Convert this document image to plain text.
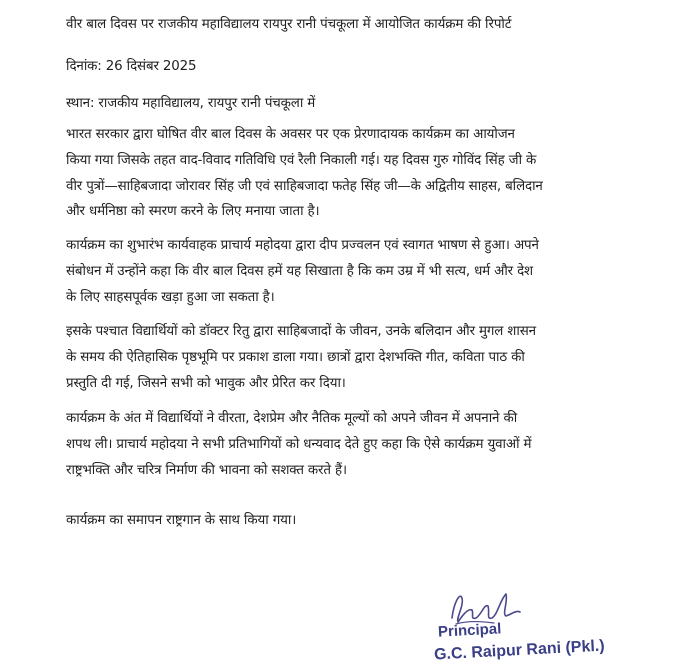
वीर बाल दिवस पर राजकीय महाविद्यालय रायपुर रानी पंचकूला में आयोजित कार्यक्रम की रिपोर्ट
दिनांक: 26 दिसंबर 2025
स्थान: राजकीय महाविद्यालय, रायपुर रानी पंचकूला में
भारत सरकार द्वारा घोषित वीर बाल दिवस के अवसर पर एक प्रेरणादायक कार्यक्रम का आयोजन
किया गया जिसके तहत वाद-विवाद गतिविधि एवं रैली निकाली गई। यह दिवस गुरु गोविंद सिंह जी के
वीर पुत्रों—साहिबजादा जोरावर सिंह जी एवं साहिबजादा फतेह सिंह जी—के अद्वितीय साहस, बलिदान
और धर्मनिष्ठा को स्मरण करने के लिए मनाया जाता है।
कार्यक्रम का शुभारंभ कार्यवाहक प्राचार्य महोदया द्वारा दीप प्रज्वलन एवं स्वागत भाषण से हुआ। अपने
संबोधन में उन्होंने कहा कि वीर बाल दिवस हमें यह सिखाता है कि कम उम्र में भी सत्य, धर्म और देश
के लिए साहसपूर्वक खड़ा हुआ जा सकता है।
इसके पश्चात विद्यार्थियों को डॉक्टर रितु द्वारा साहिबजादों के जीवन, उनके बलिदान और मुगल शासन
के समय की ऐतिहासिक पृष्ठभूमि पर प्रकाश डाला गया। छात्रों द्वारा देशभक्ति गीत, कविता पाठ की
प्रस्तुति दी गई, जिसने सभी को भावुक और प्रेरित कर दिया।
कार्यक्रम के अंत में विद्यार्थियों ने वीरता, देशप्रेम और नैतिक मूल्यों को अपने जीवन में अपनाने की
शपथ ली। प्राचार्य महोदया ने सभी प्रतिभागियों को धन्यवाद देते हुए कहा कि ऐसे कार्यक्रम युवाओं में
राष्ट्रभक्ति और चरित्र निर्माण की भावना को सशक्त करते हैं।
कार्यक्रम का समापन राष्ट्रगान के साथ किया गया।
Principal
G.C. Raipur Rani (Pkl.)
